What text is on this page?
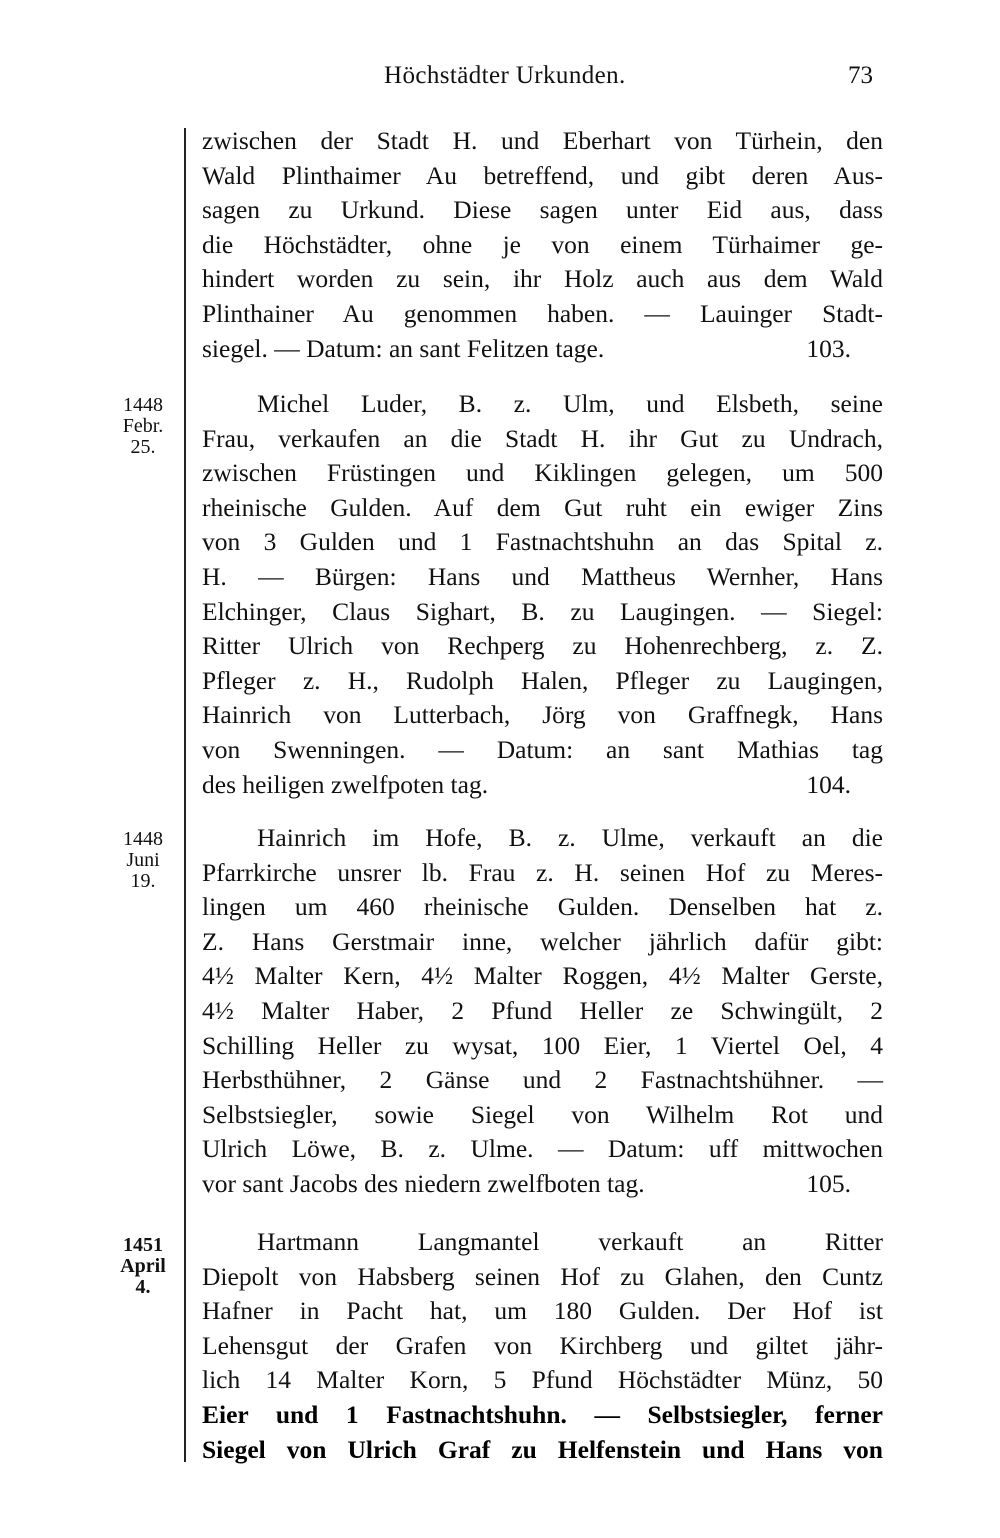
Höchstädter Urkunden.	73
zwischen der Stadt H. und Eberhart von Türhein, den
Wald Plinthaimer Au betreffend, und gibt deren Aus-
sagen zu Urkund. Diese sagen unter Eid aus, dass
die Höchstädter, ohne je von einem Türhaimer ge-
hindert worden zu sein, ihr Holz auch aus dem Wald
Plinthainer Au genommen haben. — Lauinger Stadt-
siegel. — Datum: an sant Felitzen tage.	103.
1448
Febr.
25.
Michel Luder, B. z. Ulm, und Elsbeth, seine
Frau, verkaufen an die Stadt H. ihr Gut zu Undrach,
zwischen Früstingen und Kiklingen gelegen, um 500
rheinische Gulden. Auf dem Gut ruht ein ewiger Zins
von 3 Gulden und 1 Fastnachtshuhn an das Spital z.
H. — Bürgen: Hans und Mattheus Wernher, Hans
Elchinger, Claus Sighart, B. zu Laugingen. — Siegel:
Ritter Ulrich von Rechperg zu Hohenrechberg, z. Z.
Pfleger z. H., Rudolph Halen, Pfleger zu Laugingen,
Hainrich von Lutterbach, Jörg von Graffnegk, Hans
von Swenningen. — Datum: an sant Mathias tag
des heiligen zwelfpoten tag.	104.
1448
Juni
19.
Hainrich im Hofe, B. z. Ulme, verkauft an die
Pfarrkirche unsrer lb. Frau z. H. seinen Hof zu Meres-
lingen um 460 rheinische Gulden. Denselben hat z.
Z. Hans Gerstmair inne, welcher jährlich dafür gibt:
4½ Malter Kern, 4½ Malter Roggen, 4½ Malter Gerste,
4½ Malter Haber, 2 Pfund Heller ze Schwingült, 2
Schilling Heller zu wysat, 100 Eier, 1 Viertel Oel, 4
Herbsthühner, 2 Gänse und 2 Fastnachtshühner. —
Selbstsiegler, sowie Siegel von Wilhelm Rot und
Ulrich Löwe, B. z. Ulme. — Datum: uff mittwochen
vor sant Jacobs des niedern zwelfboten tag.	105.
1451
April
4.
Hartmann Langmantel verkauft an Ritter
Diepolt von Habsberg seinen Hof zu Glahen, den Cuntz
Hafner in Pacht hat, um 180 Gulden. Der Hof ist
Lehensgut der Grafen von Kirchberg und giltet jähr-
lich 14 Malter Korn, 5 Pfund Höchstädter Münz, 50
Eier und 1 Fastnachtshuhn. — Selbstsiegler, ferner
Siegel von Ulrich Graf zu Helfenstein und Hans von
